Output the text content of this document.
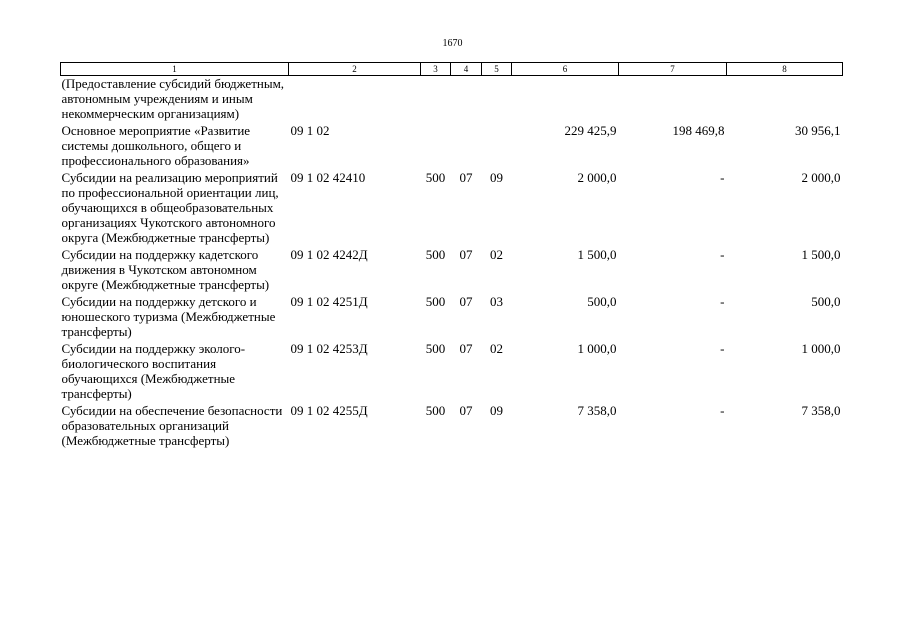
1670
1	2	3	4	5	6	7	8
(Предоставление субсидий бюджетным, автономным учреждениям и иным некоммерческим организациям)							
Основное мероприятие «Развитие системы дошкольного, общего и профессионального образования»	09 1 02				229 425,9	198 469,8	30 956,1
Субсидии на реализацию мероприятий по профессиональной ориентации лиц, обучающихся в общеобразовательных организациях Чукотского автономного округа (Межбюджетные трансферты)	09 1 02 42410	500	07	09	2 000,0	-	2 000,0
Субсидии на поддержку кадетского движения в Чукотском автономном округе (Межбюджетные трансферты)	09 1 02 4242Д	500	07	02	1 500,0	-	1 500,0
Субсидии на поддержку детского и юношеского туризма (Межбюджетные трансферты)	09 1 02 4251Д	500	07	03	500,0	-	500,0
Субсидии на поддержку эколого-биологического воспитания обучающихся (Межбюджетные трансферты)	09 1 02 4253Д	500	07	02	1 000,0	-	1 000,0
Субсидии на обеспечение безопасности образовательных организаций (Межбюджетные трансферты)	09 1 02 4255Д	500	07	09	7 358,0	-	7 358,0
